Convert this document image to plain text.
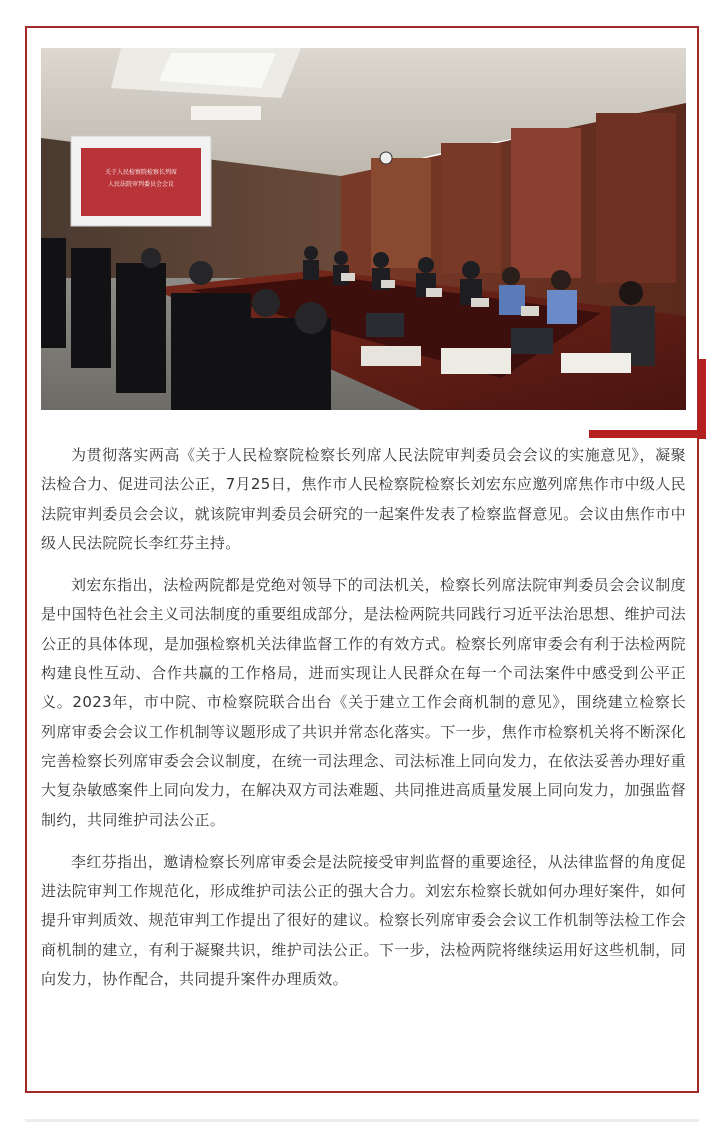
关于人民检察院检察长列席
人民法院审判委员会会议

为贯彻落实两高《关于人民检察院检察长列席人民法院审判委员会会议的实施意见》，凝聚法检合力、促进司法公正，7月25日，焦作市人民检察院检察长刘宏东应邀列席焦作市中级人民法院审判委员会会议，就该院审判委员会研究的一起案件发表了检察监督意见。会议由焦作市中级人民法院院长李红芬主持。

刘宏东指出，法检两院都是党绝对领导下的司法机关，检察长列席法院审判委员会会议制度是中国特色社会主义司法制度的重要组成部分，是法检两院共同践行习近平法治思想、维护司法公正的具体体现，是加强检察机关法律监督工作的有效方式。检察长列席审委会有利于法检两院构建良性互动、合作共赢的工作格局，进而实现让人民群众在每一个司法案件中感受到公平正义。2023年，市中院、市检察院联合出台《关于建立工作会商机制的意见》，围绕建立检察长列席审委会会议工作机制等议题形成了共识并常态化落实。下一步，焦作市检察机关将不断深化完善检察长列席审委会会议制度，在统一司法理念、司法标准上同向发力，在依法妥善办理好重大复杂敏感案件上同向发力，在解决双方司法难题、共同推进高质量发展上同向发力，加强监督制约，共同维护司法公正。

李红芬指出，邀请检察长列席审委会是法院接受审判监督的重要途径，从法律监督的角度促进法院审判工作规范化，形成维护司法公正的强大合力。刘宏东检察长就如何办理好案件，如何提升审判质效、规范审判工作提出了很好的建议。检察长列席审委会会议工作机制等法检工作会商机制的建立，有利于凝聚共识，维护司法公正。下一步，法检两院将继续运用好这些机制，同向发力，协作配合，共同提升案件办理质效。
